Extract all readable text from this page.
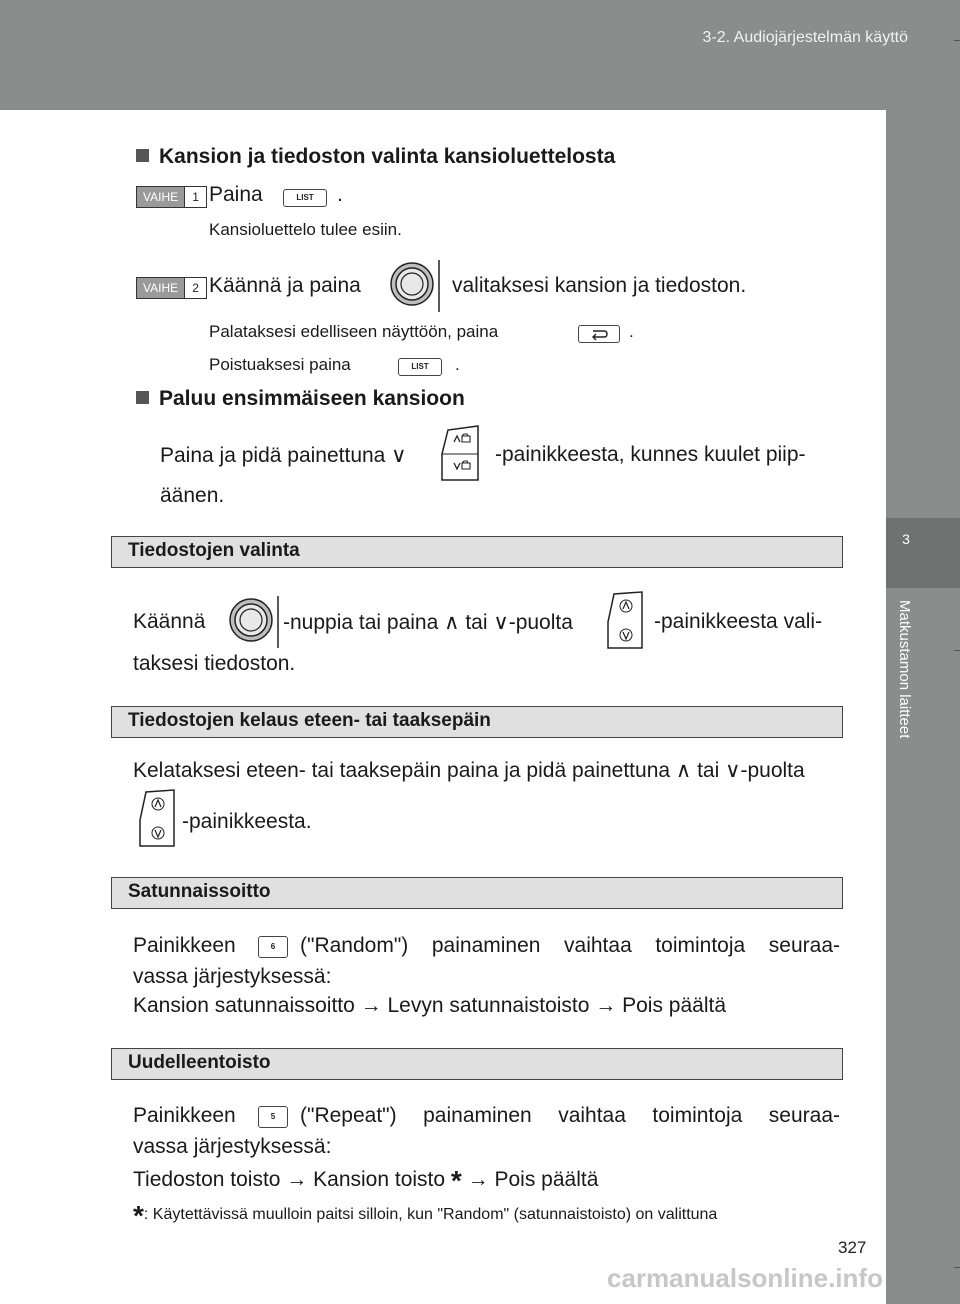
3-2. Audiojärjestelmän käyttö
3
Matkustamon laitteet
Kansion ja tiedoston valinta kansioluettelosta
VAIHE	1 Paina	LIST	.
Kansioluettelo tulee esiin.
VAIHE	2 Käännä ja paina	valitaksesi kansion ja tiedoston.
Palataksesi edelliseen näyttöön, paina	.
Poistuaksesi paina	LIST	.
Paluu ensimmäiseen kansioon
Paina ja pidä painettuna ∨	-painikkeesta, kunnes kuulet piip-
äänen.
Tiedostojen valinta
Käännä	-nuppia tai paina ∧ tai ∨-puolta	-painikkeesta vali-
taksesi tiedoston.
Tiedostojen kelaus eteen- tai taaksepäin
Kelataksesi eteen- tai taaksepäin paina ja pidä painettuna ∧ tai ∨-puolta
-painikkeesta.
Satunnaissoitto
Painikkeen	6	("Random") painaminen vaihtaa toimintoja seuraa-
vassa järjestyksessä:
Kansion satunnaissoitto → Levyn satunnaistoisto → Pois päältä
Uudelleentoisto
Painikkeen	5	("Repeat") painaminen vaihtaa toimintoja seuraa-
vassa järjestyksessä:
Tiedoston toisto → Kansion toisto * → Pois päältä
*: Käytettävissä muulloin paitsi silloin, kun "Random" (satunnaistoisto) on valittuna
327
carmanualsonline.info
